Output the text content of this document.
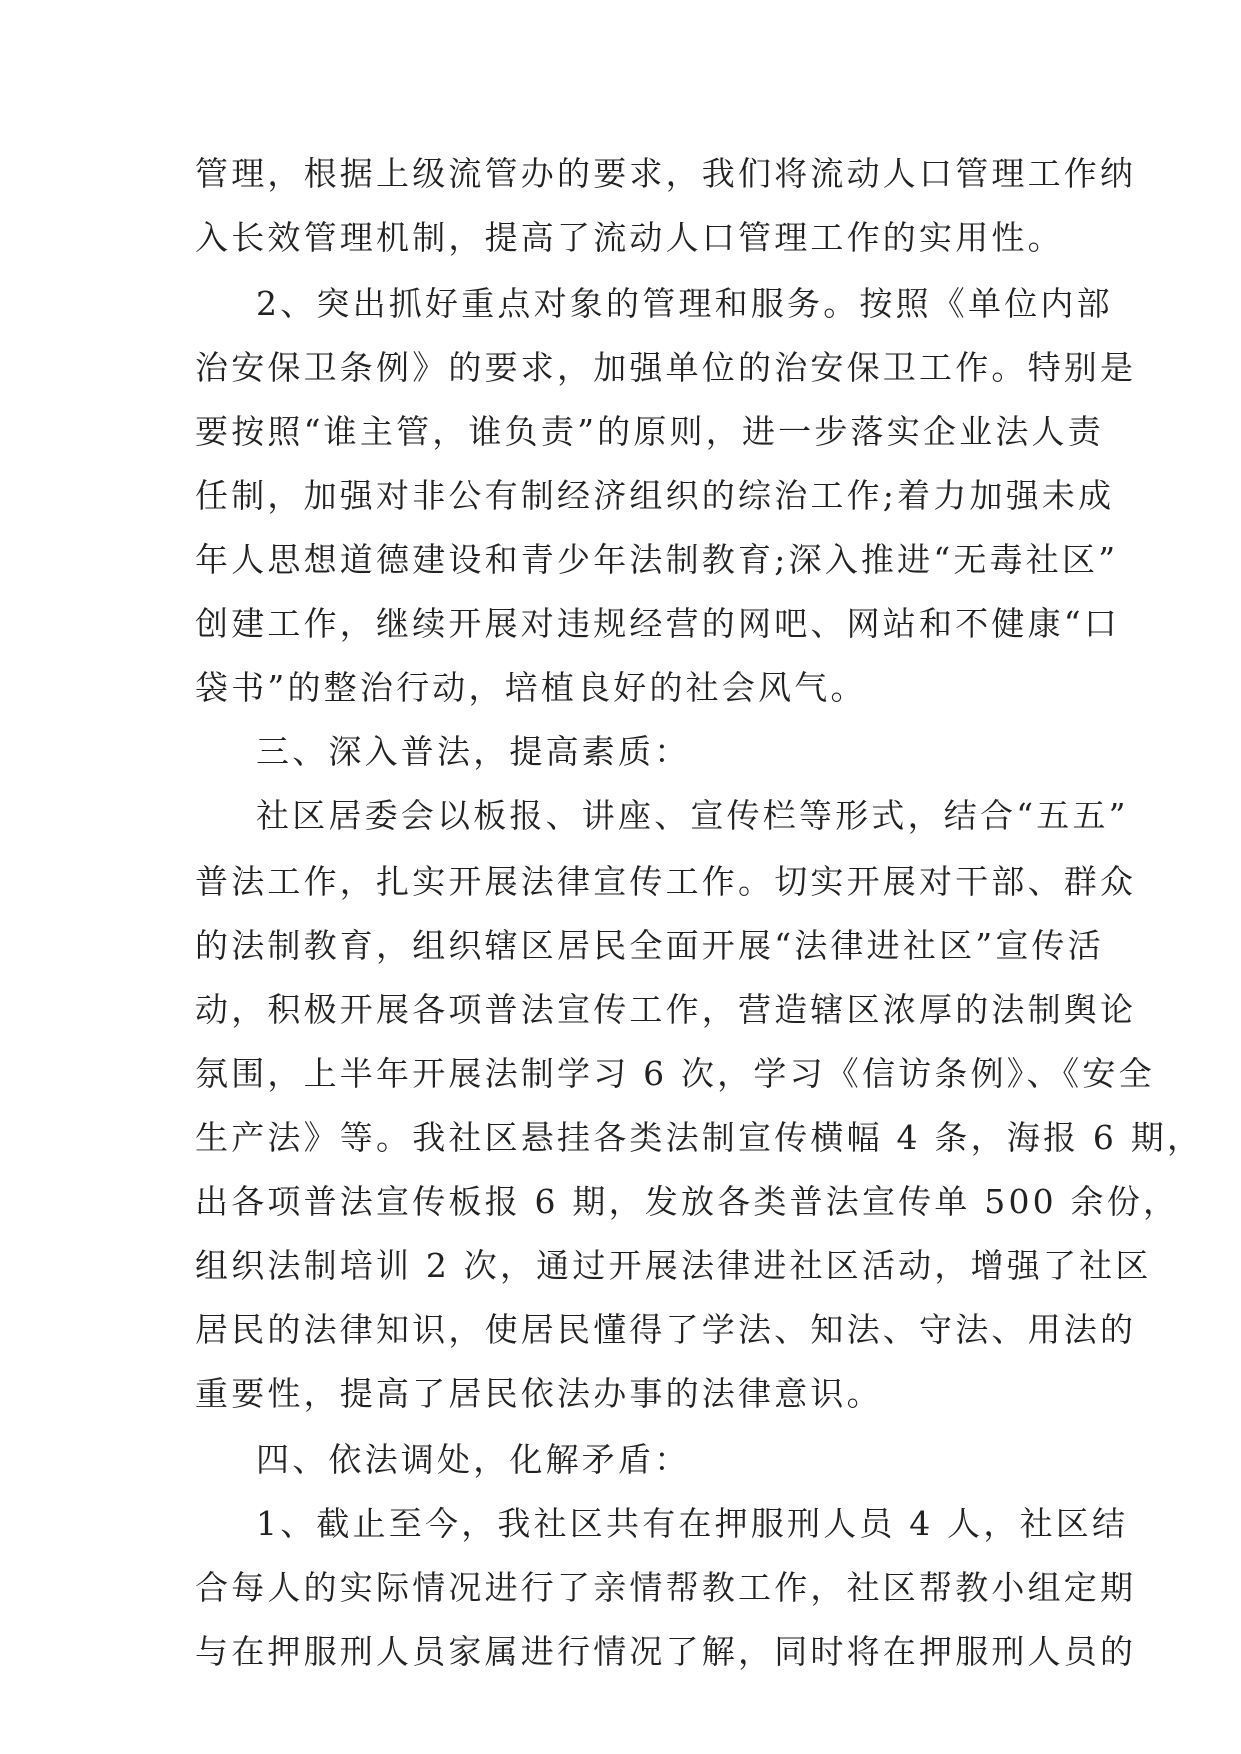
管理，根据上级流管办的要求，我们将流动人口管理工作纳
入长效管理机制，提高了流动人口管理工作的实用性。
2、突出抓好重点对象的管理和服务。按照《单位内部
治安保卫条例》的要求，加强单位的治安保卫工作。特别是
要按照“谁主管，谁负责”的原则，进一步落实企业法人责
任制，加强对非公有制经济组织的综治工作;着力加强未成
年人思想道德建设和青少年法制教育;深入推进“无毒社区”
创建工作，继续开展对违规经营的网吧、网站和不健康“口
袋书”的整治行动，培植良好的社会风气。
三、深入普法，提高素质：
社区居委会以板报、讲座、宣传栏等形式，结合“五五”
普法工作，扎实开展法律宣传工作。切实开展对干部、群众
的法制教育，组织辖区居民全面开展“法律进社区”宣传活
动，积极开展各项普法宣传工作，营造辖区浓厚的法制舆论
氛围，上半年开展法制学习 6 次，学习《信访条例》、《安全
生产法》等。我社区悬挂各类法制宣传横幅 4 条，海报 6 期，
出各项普法宣传板报 6 期，发放各类普法宣传单 500 余份，
组织法制培训 2 次，通过开展法律进社区活动，增强了社区
居民的法律知识，使居民懂得了学法、知法、守法、用法的
重要性，提高了居民依法办事的法律意识。
四、依法调处，化解矛盾：
1、截止至今，我社区共有在押服刑人员 4 人，社区结
合每人的实际情况进行了亲情帮教工作，社区帮教小组定期
与在押服刑人员家属进行情况了解，同时将在押服刑人员的
